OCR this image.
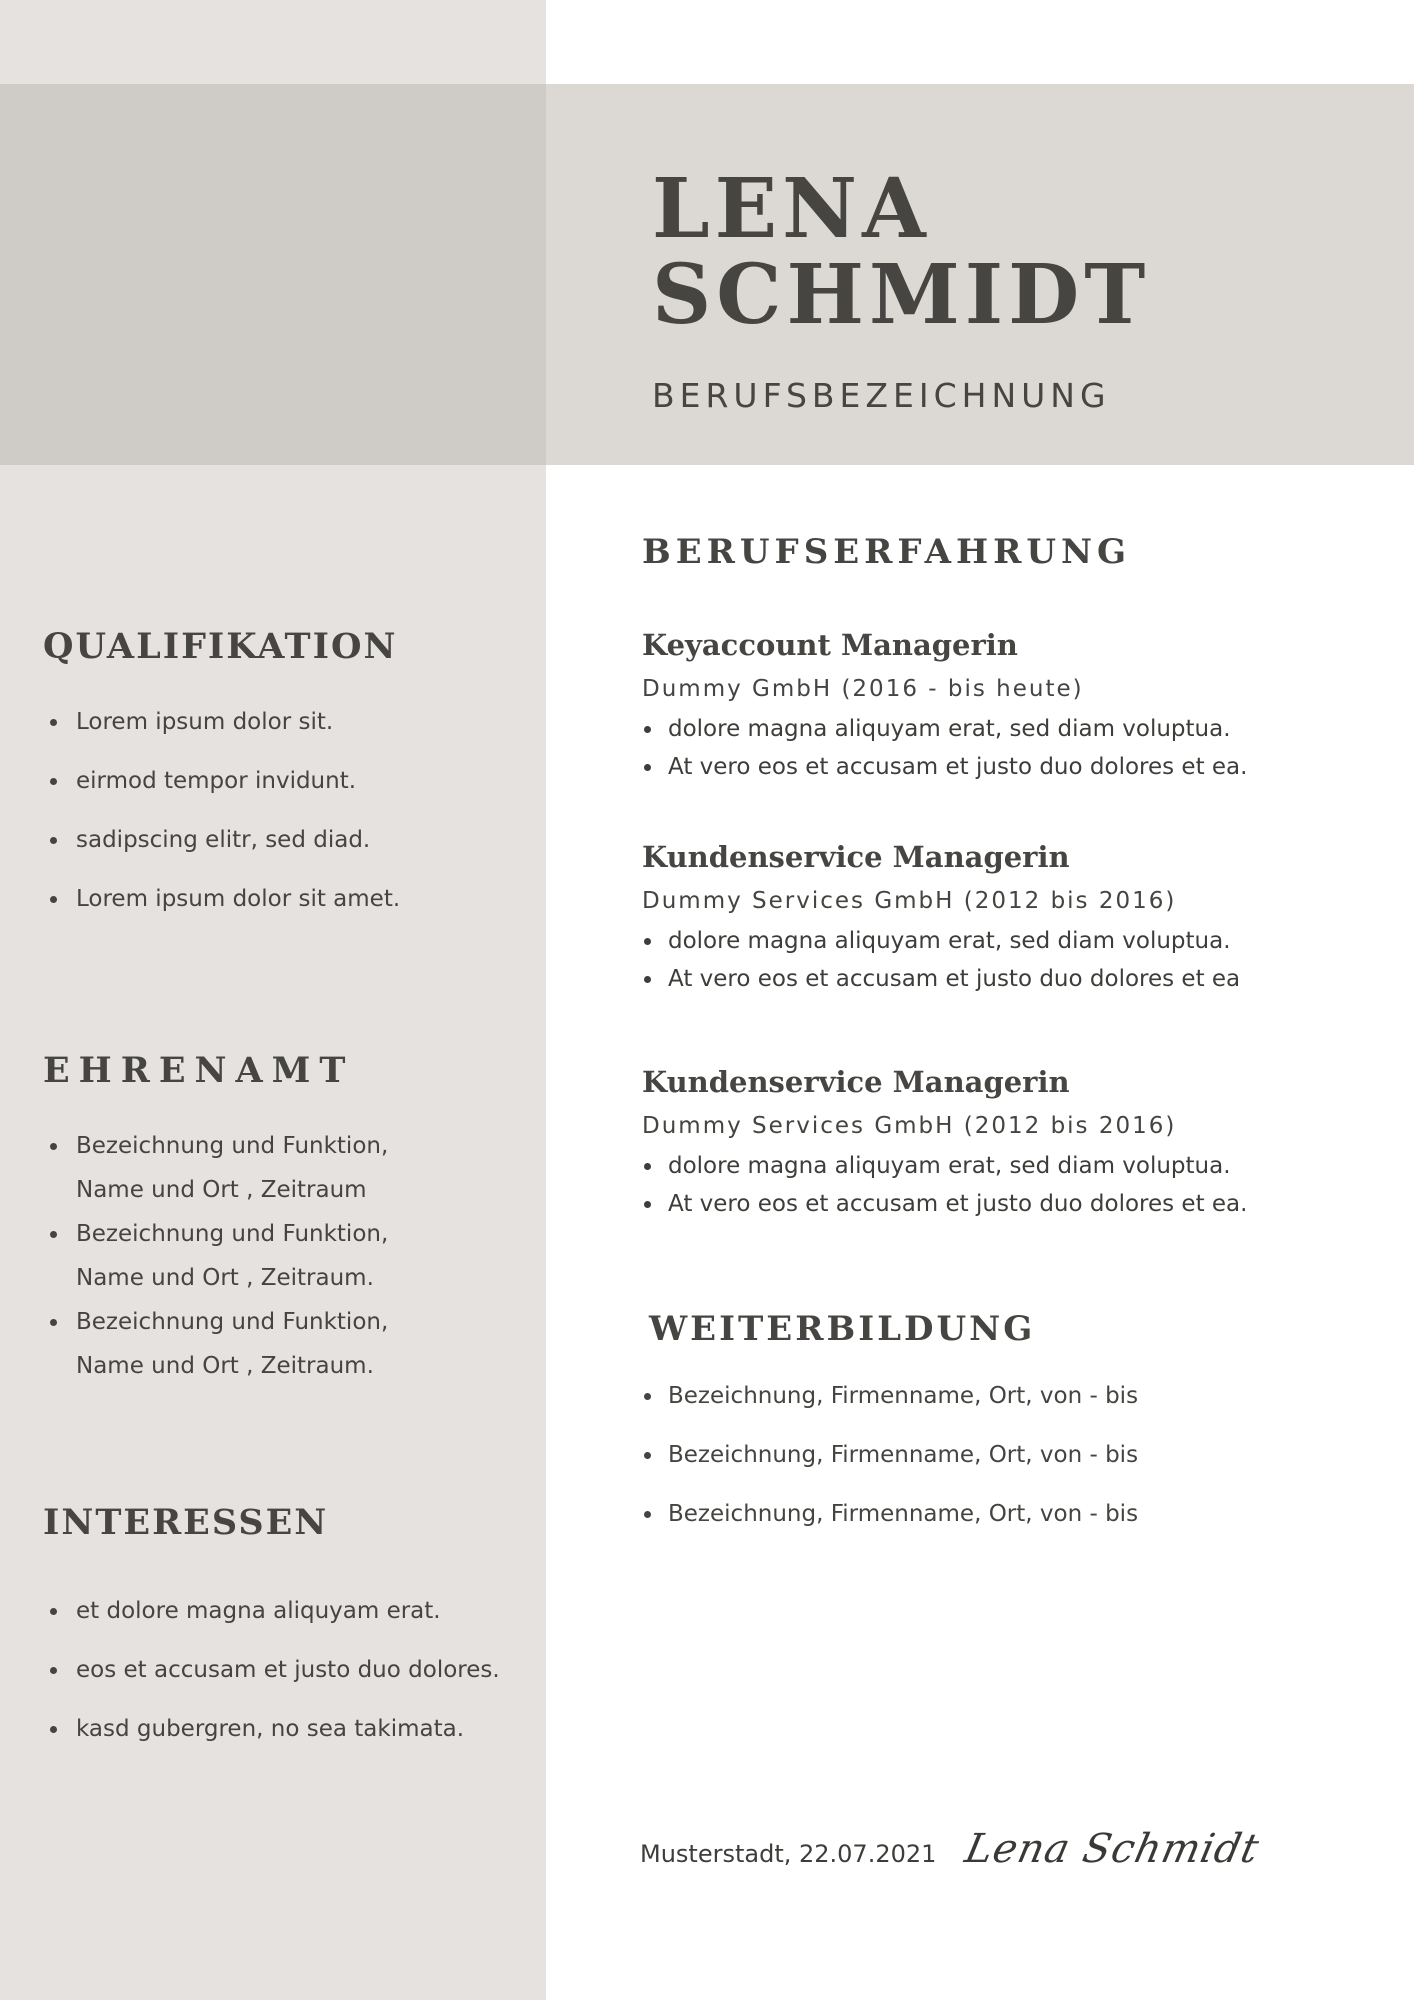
LENA
SCHMIDT
BERUFSBEZEICHNUNG
QUALIFIKATION
Lorem ipsum dolor sit.
eirmod tempor invidunt.
sadipscing elitr, sed diad.
Lorem ipsum dolor sit amet.
EHRENAMT
Bezeichnung und Funktion,
Name und Ort , Zeitraum
Bezeichnung und Funktion,
Name und Ort , Zeitraum.
Bezeichnung und Funktion,
Name und Ort , Zeitraum.
INTERESSEN
et dolore magna aliquyam erat.
eos et accusam et justo duo dolores.
kasd gubergren, no sea takimata.
BERUFSERFAHRUNG
Keyaccount Managerin

Dummy GmbH (2016 - bis heute)

dolore magna aliquyam erat, sed diam voluptua.
At vero eos et accusam et justo duo dolores et ea.
Kundenservice Managerin

Dummy Services GmbH (2012 bis 2016)

dolore magna aliquyam erat, sed diam voluptua.
At vero eos et accusam et justo duo dolores et ea
Kundenservice Managerin

Dummy Services GmbH (2012 bis 2016)

dolore magna aliquyam erat, sed diam voluptua.
At vero eos et accusam et justo duo dolores et ea.
WEITERBILDUNG
Bezeichnung, Firmenname, Ort, von - bis
Bezeichnung, Firmenname, Ort, von - bis
Bezeichnung, Firmenname, Ort, von - bis

Musterstadt, 22.07.2021 Lena Schmidt
